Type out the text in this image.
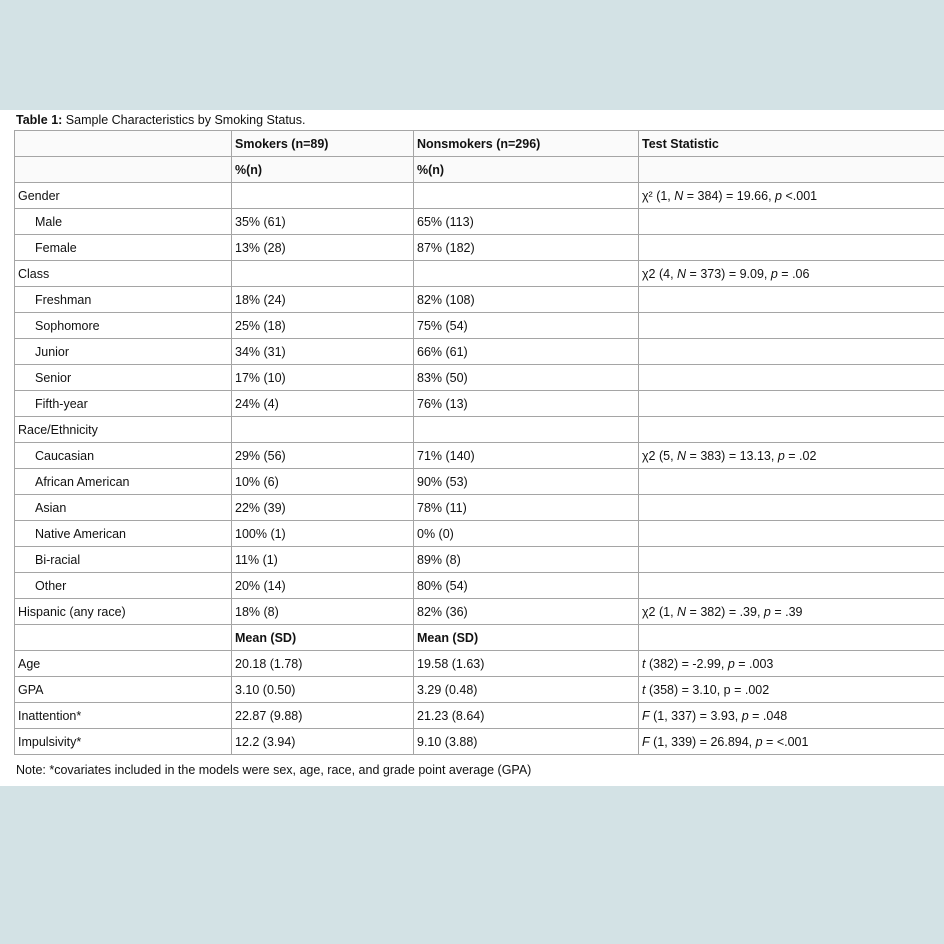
Table 1: Sample Characteristics by Smoking Status.
	Smokers (n=89)	Nonsmokers (n=296)	Test Statistic
	%(n)	%(n)	
Gender			χ² (1, N = 384) = 19.66, p <.001
Male	35% (61)	65% (113)	
Female	13% (28)	87% (182)	
Class			χ2 (4, N = 373) = 9.09, p = .06
Freshman	18% (24)	82% (108)	
Sophomore	25% (18)	75% (54)	
Junior	34% (31)	66% (61)	
Senior	17% (10)	83% (50)	
Fifth-year	24% (4)	76% (13)	
Race/Ethnicity			
Caucasian	29% (56)	71% (140)	χ2 (5, N = 383) = 13.13, p = .02
African American	10% (6)	90% (53)	
Asian	22% (39)	78% (11)	
Native American	100% (1)	0% (0)	
Bi-racial	11% (1)	89% (8)	
Other	20% (14)	80% (54)	
Hispanic (any race)	18% (8)	82% (36)	χ2 (1, N = 382) = .39, p = .39
	Mean (SD)	Mean (SD)	
Age	20.18 (1.78)	19.58 (1.63)	t (382) = -2.99, p = .003
GPA	3.10 (0.50)	3.29 (0.48)	t (358) = 3.10, p = .002
Inattention*	22.87 (9.88)	21.23 (8.64)	F (1, 337) = 3.93, p = .048
Impulsivity*	12.2 (3.94)	9.10 (3.88)	F (1, 339) = 26.894, p = <.001
Note: *covariates included in the models were sex, age, race, and grade point average (GPA)
